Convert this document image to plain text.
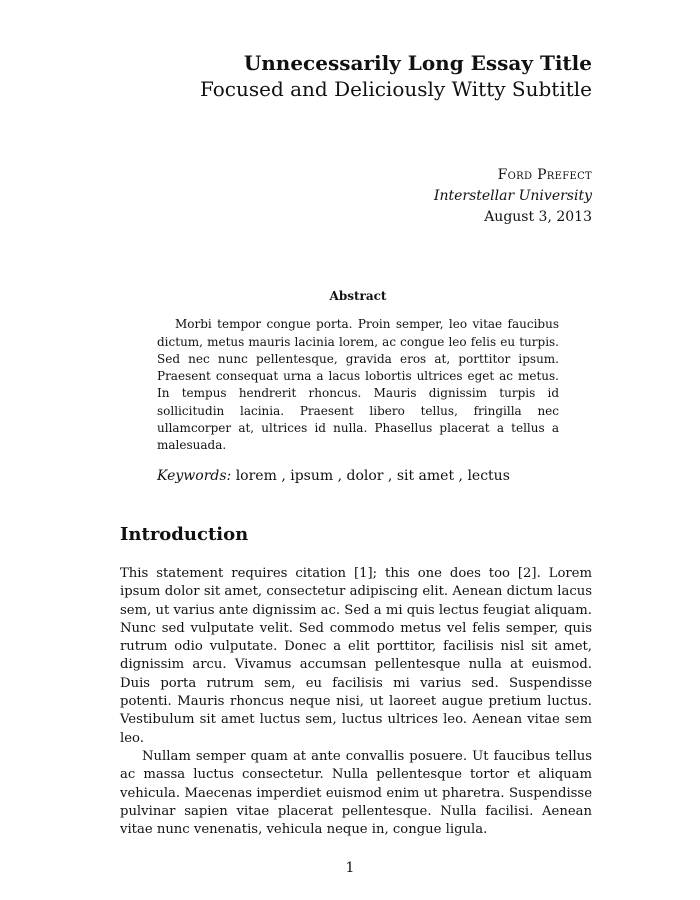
Unnecessarily Long Essay Title
Focused and Deliciously Witty Subtitle
Ford Prefect
Interstellar University
August 3, 2013
Abstract
Morbi tempor congue porta. Proin semper, leo vitae faucibus dictum, metus mauris lacinia lorem, ac congue leo felis eu turpis. Sed nec nunc pellentesque, gravida eros at, porttitor ipsum. Praesent consequat urna a lacus lobortis ultrices eget ac metus. In tempus hendrerit rhoncus. Mauris dignissim turpis id sollicitudin lacinia. Praesent libero tellus, fringilla nec ullamcorper at, ultrices id nulla. Phasellus placerat a tellus a malesuada.
Keywords: lorem , ipsum , dolor , sit amet , lectus
Introduction

This statement requires citation [1]; this one does too [2]. Lorem ipsum dolor sit amet, consectetur adipiscing elit. Aenean dictum lacus sem, ut varius ante dignissim ac. Sed a mi quis lectus feugiat aliquam. Nunc sed vulputate velit. Sed commodo metus vel felis semper, quis rutrum odio vulputate. Donec a elit porttitor, facilisis nisl sit amet, dignissim arcu. Vivamus accumsan pellentesque nulla at euismod. Duis porta rutrum sem, eu facilisis mi varius sed. Suspendisse potenti. Mauris rhoncus neque nisi, ut laoreet augue pretium luctus. Vestibulum sit amet luctus sem, luctus ultrices leo. Aenean vitae sem leo.

Nullam semper quam at ante convallis posuere. Ut faucibus tellus ac massa luctus consectetur. Nulla pellentesque tortor et aliquam vehicula. Maecenas imperdiet euismod enim ut pharetra. Suspendisse pulvinar sapien vitae placerat pellentesque. Nulla facilisi. Aenean vitae nunc venenatis, vehicula neque in, congue ligula.

1
